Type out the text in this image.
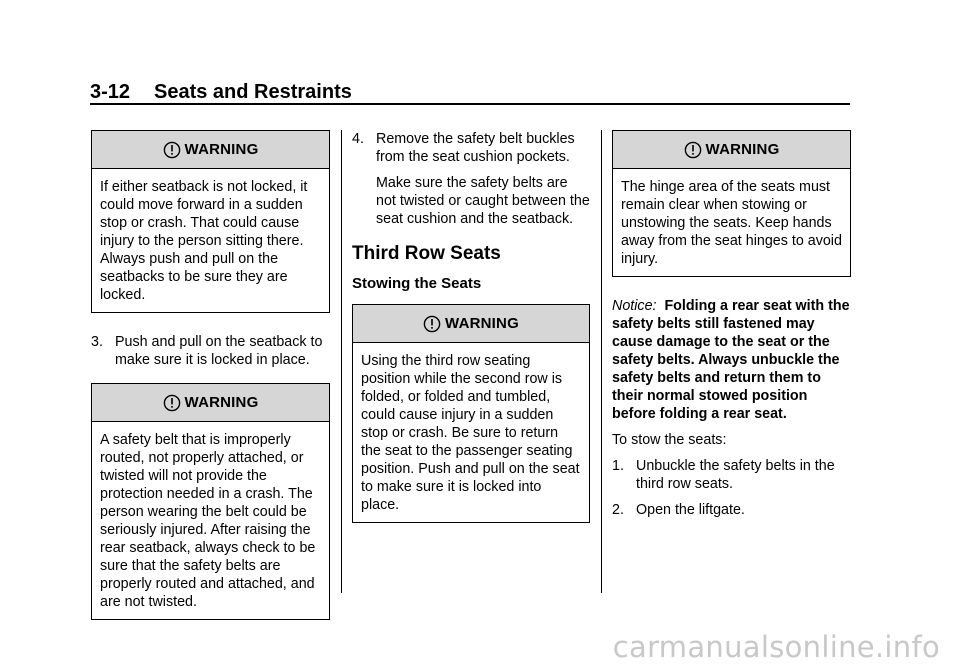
3-12 Seats and Restraints
WARNING
If either seatback is not locked, it could move forward in a sudden stop or crash. That could cause injury to the person sitting there. Always push and pull on the seatbacks to be sure they are locked.
3. Push and pull on the seatback to make sure it is locked in place.
WARNING
A safety belt that is improperly routed, not properly attached, or twisted will not provide the protection needed in a crash. The person wearing the belt could be seriously injured. After raising the rear seatback, always check to be sure that the safety belts are properly routed and attached, and are not twisted.
4. Remove the safety belt buckles from the seat cushion pockets.
Make sure the safety belts are not twisted or caught between the seat cushion and the seatback.
Third Row Seats
Stowing the Seats
WARNING
Using the third row seating position while the second row is folded, or folded and tumbled, could cause injury in a sudden stop or crash. Be sure to return the seat to the passenger seating position. Push and pull on the seat to make sure it is locked into place.
WARNING
The hinge area of the seats must remain clear when stowing or unstowing the seats. Keep hands away from the seat hinges to avoid injury.
Notice: Folding a rear seat with the safety belts still fastened may cause damage to the seat or the safety belts. Always unbuckle the safety belts and return them to their normal stowed position before folding a rear seat.
To stow the seats:
1. Unbuckle the safety belts in the third row seats.
2. Open the liftgate.
carmanualsonline.info
